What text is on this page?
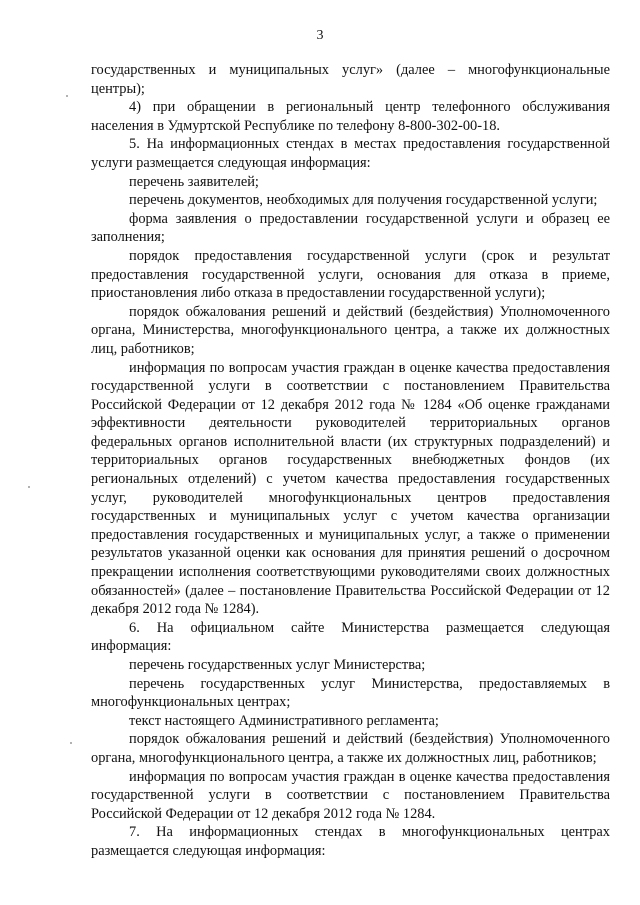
3

государственных и муниципальных услуг» (далее – многофункциональные центры);

4) при обращении в региональный центр телефонного обслуживания населения в Удмуртской Республике по телефону 8-800-302-00-18.

5. На информационных стендах в местах предоставления государственной услуги размещается следующая информация:

перечень заявителей;

перечень документов, необходимых для получения государственной услуги;

форма заявления о предоставлении государственной услуги и образец ее заполнения;

порядок предоставления государственной услуги (срок и результат предоставления государственной услуги, основания для отказа в приеме, приостановления либо отказа в предоставлении государственной услуги);

порядок обжалования решений и действий (бездействия) Уполномоченного органа, Министерства, многофункционального центра, а также их должностных лиц, работников;

информация по вопросам участия граждан в оценке качества предоставления государственной услуги в соответствии с постановлением Правительства Российской Федерации от 12 декабря 2012 года № 1284 «Об оценке гражданами эффективности деятельности руководителей территориальных органов федеральных органов исполнительной власти (их структурных подразделений) и территориальных органов государственных внебюджетных фондов (их региональных отделений) с учетом качества предоставления государственных услуг, руководителей многофункциональных центров предоставления государственных и муниципальных услуг с учетом качества организации предоставления государственных и муниципальных услуг, а также о применении результатов указанной оценки как основания для принятия решений о досрочном прекращении исполнения соответствующими руководителями своих должностных обязанностей» (далее – постановление Правительства Российской Федерации от 12 декабря 2012 года № 1284).

6. На официальном сайте Министерства размещается следующая информация:

перечень государственных услуг Министерства;

перечень государственных услуг Министерства, предоставляемых в многофункциональных центрах;

текст настоящего Административного регламента;

порядок обжалования решений и действий (бездействия) Уполномоченного органа, многофункционального центра, а также их должностных лиц, работников;

информация по вопросам участия граждан в оценке качества предоставления государственной услуги в соответствии с постановлением Правительства Российской Федерации от 12 декабря 2012 года № 1284.

7. На информационных стендах в многофункциональных центрах размещается следующая информация:
